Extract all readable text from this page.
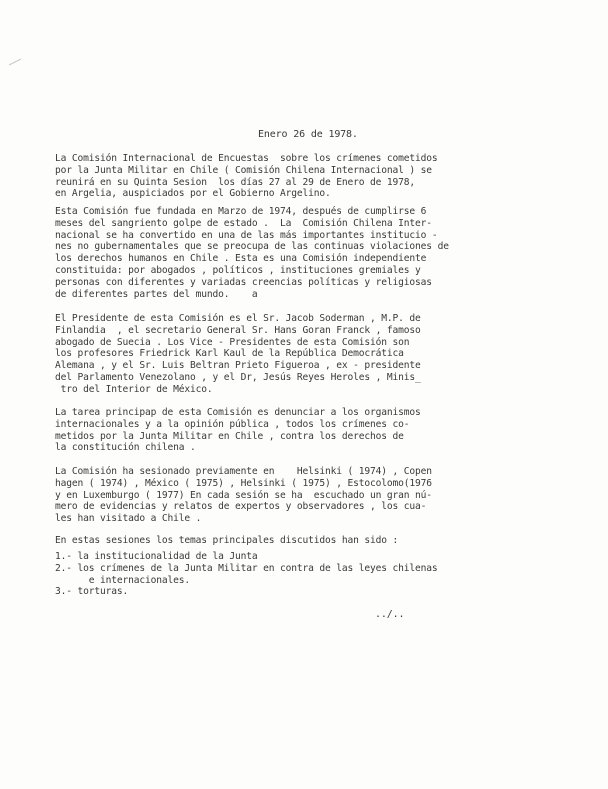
Enero 26 de 1978.
La Comisión Internacional de Encuestas  sobre los crímenes cometidos
por la Junta Militar en Chile ( Comisión Chilena Internacional ) se
reunirá en su Quinta Sesion  los días 27 al 29 de Enero de 1978,
en Argelia, auspiciados por el Gobierno Argelino.
Esta Comisión fue fundada en Marzo de 1974, después de cumplirse 6
meses del sangriento golpe de estado .  La  Comisión Chilena Inter-
nacional se ha convertido en una de las más importantes institucio -
nes no gubernamentales que se preocupa de las continuas violaciones de
los derechos humanos en Chile . Esta es una Comisión independiente
constituida: por abogados , políticos , instituciones gremiales y
personas con diferentes y variadas creencias políticas y religiosas
de diferentes partes del mundo.    a
El Presidente de esta Comisión es el Sr. Jacob Soderman , M.P. de
Finlandia  , el secretario General Sr. Hans Goran Franck , famoso
abogado de Suecia . Los Vice - Presidentes de esta Comisión son
los profesores Friedrick Karl Kaul de la República Democrática
Alemana , y el Sr. Luis Beltran Prieto Figueroa , ex - presidente
del Parlamento Venezolano , y el Dr, Jesús Reyes Heroles , Minis_
tro del Interior de México.
La tarea principap de esta Comisión es denunciar a los organismos
internacionales y a la opinión pública , todos los crímenes co-
metidos por la Junta Militar en Chile , contra los derechos de
la constitución chilena .
La Comisión ha sesionado previamente en    Helsinki ( 1974) , Copen
hagen ( 1974) , México ( 1975) , Helsinki ( 1975) , Estocolomo(1976
y en Luxemburgo ( 1977) En cada sesión se ha  escuchado un gran nú-
mero de evidencias y relatos de expertos y observadores , los cua-
les han visitado a Chile .
En estas sesiones los temas principales discutidos han sido :
1.- la institucionalidad de la Junta
2.- los crímenes de la Junta Militar en contra de las leyes chilenas
e internacionales.
3.- torturas.
../..
